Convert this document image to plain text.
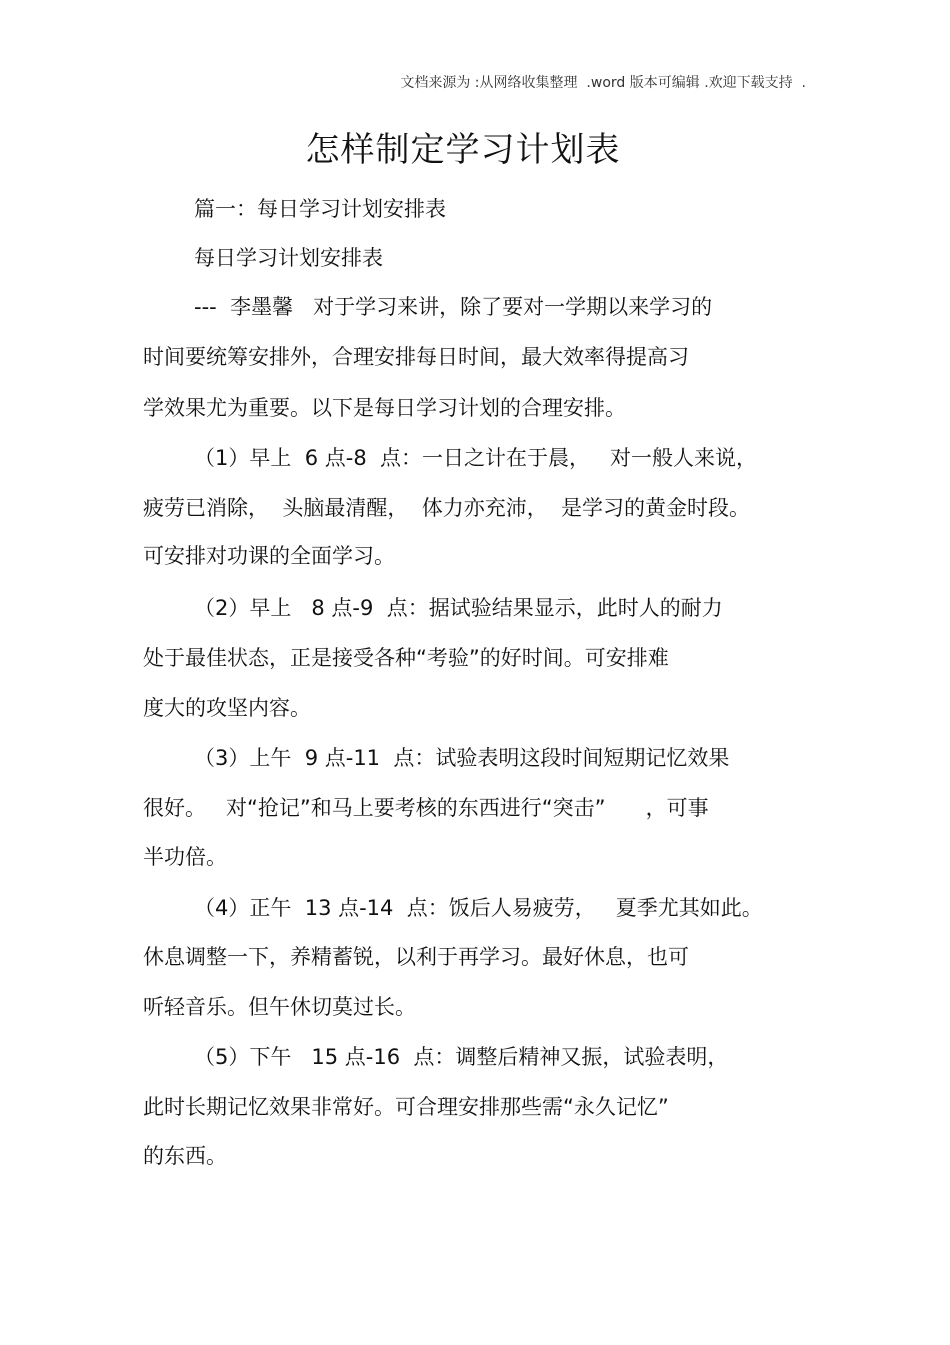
文档来源为 :从网络收集整理  .word 版本可编辑 .欢迎下载支持  .
怎样制定学习计划表
篇一：每日学习计划安排表
每日学习计划安排表
---  李墨馨   对于学习来讲，除了要对一学期以来学习的
时间要统筹安排外，合理安排每日时间，最大效率得提高习
学效果尤为重要。以下是每日学习计划的合理安排。
（1）早上  6 点-8  点：一日之计在于晨，   对一般人来说，
疲劳已消除，  头脑最清醒，  体力亦充沛，  是学习的黄金时段。
可安排对功课的全面学习。
（2）早上   8 点-9  点：据试验结果显示，此时人的耐力
处于最佳状态，正是接受各种“考验”的好时间。可安排难
度大的攻坚内容。
（3）上午  9 点-11  点：试验表明这段时间短期记忆效果
很好。   对“抢记”和马上要考核的东西进行“突击”      ，可事
半功倍。
（4）正午  13 点-14  点：饭后人易疲劳，   夏季尤其如此。
休息调整一下，养精蓄锐，以利于再学习。最好休息，也可
听轻音乐。但午休切莫过长。
（5）下午   15 点-16  点：调整后精神又振，试验表明，
此时长期记忆效果非常好。可合理安排那些需“永久记忆”
的东西。
